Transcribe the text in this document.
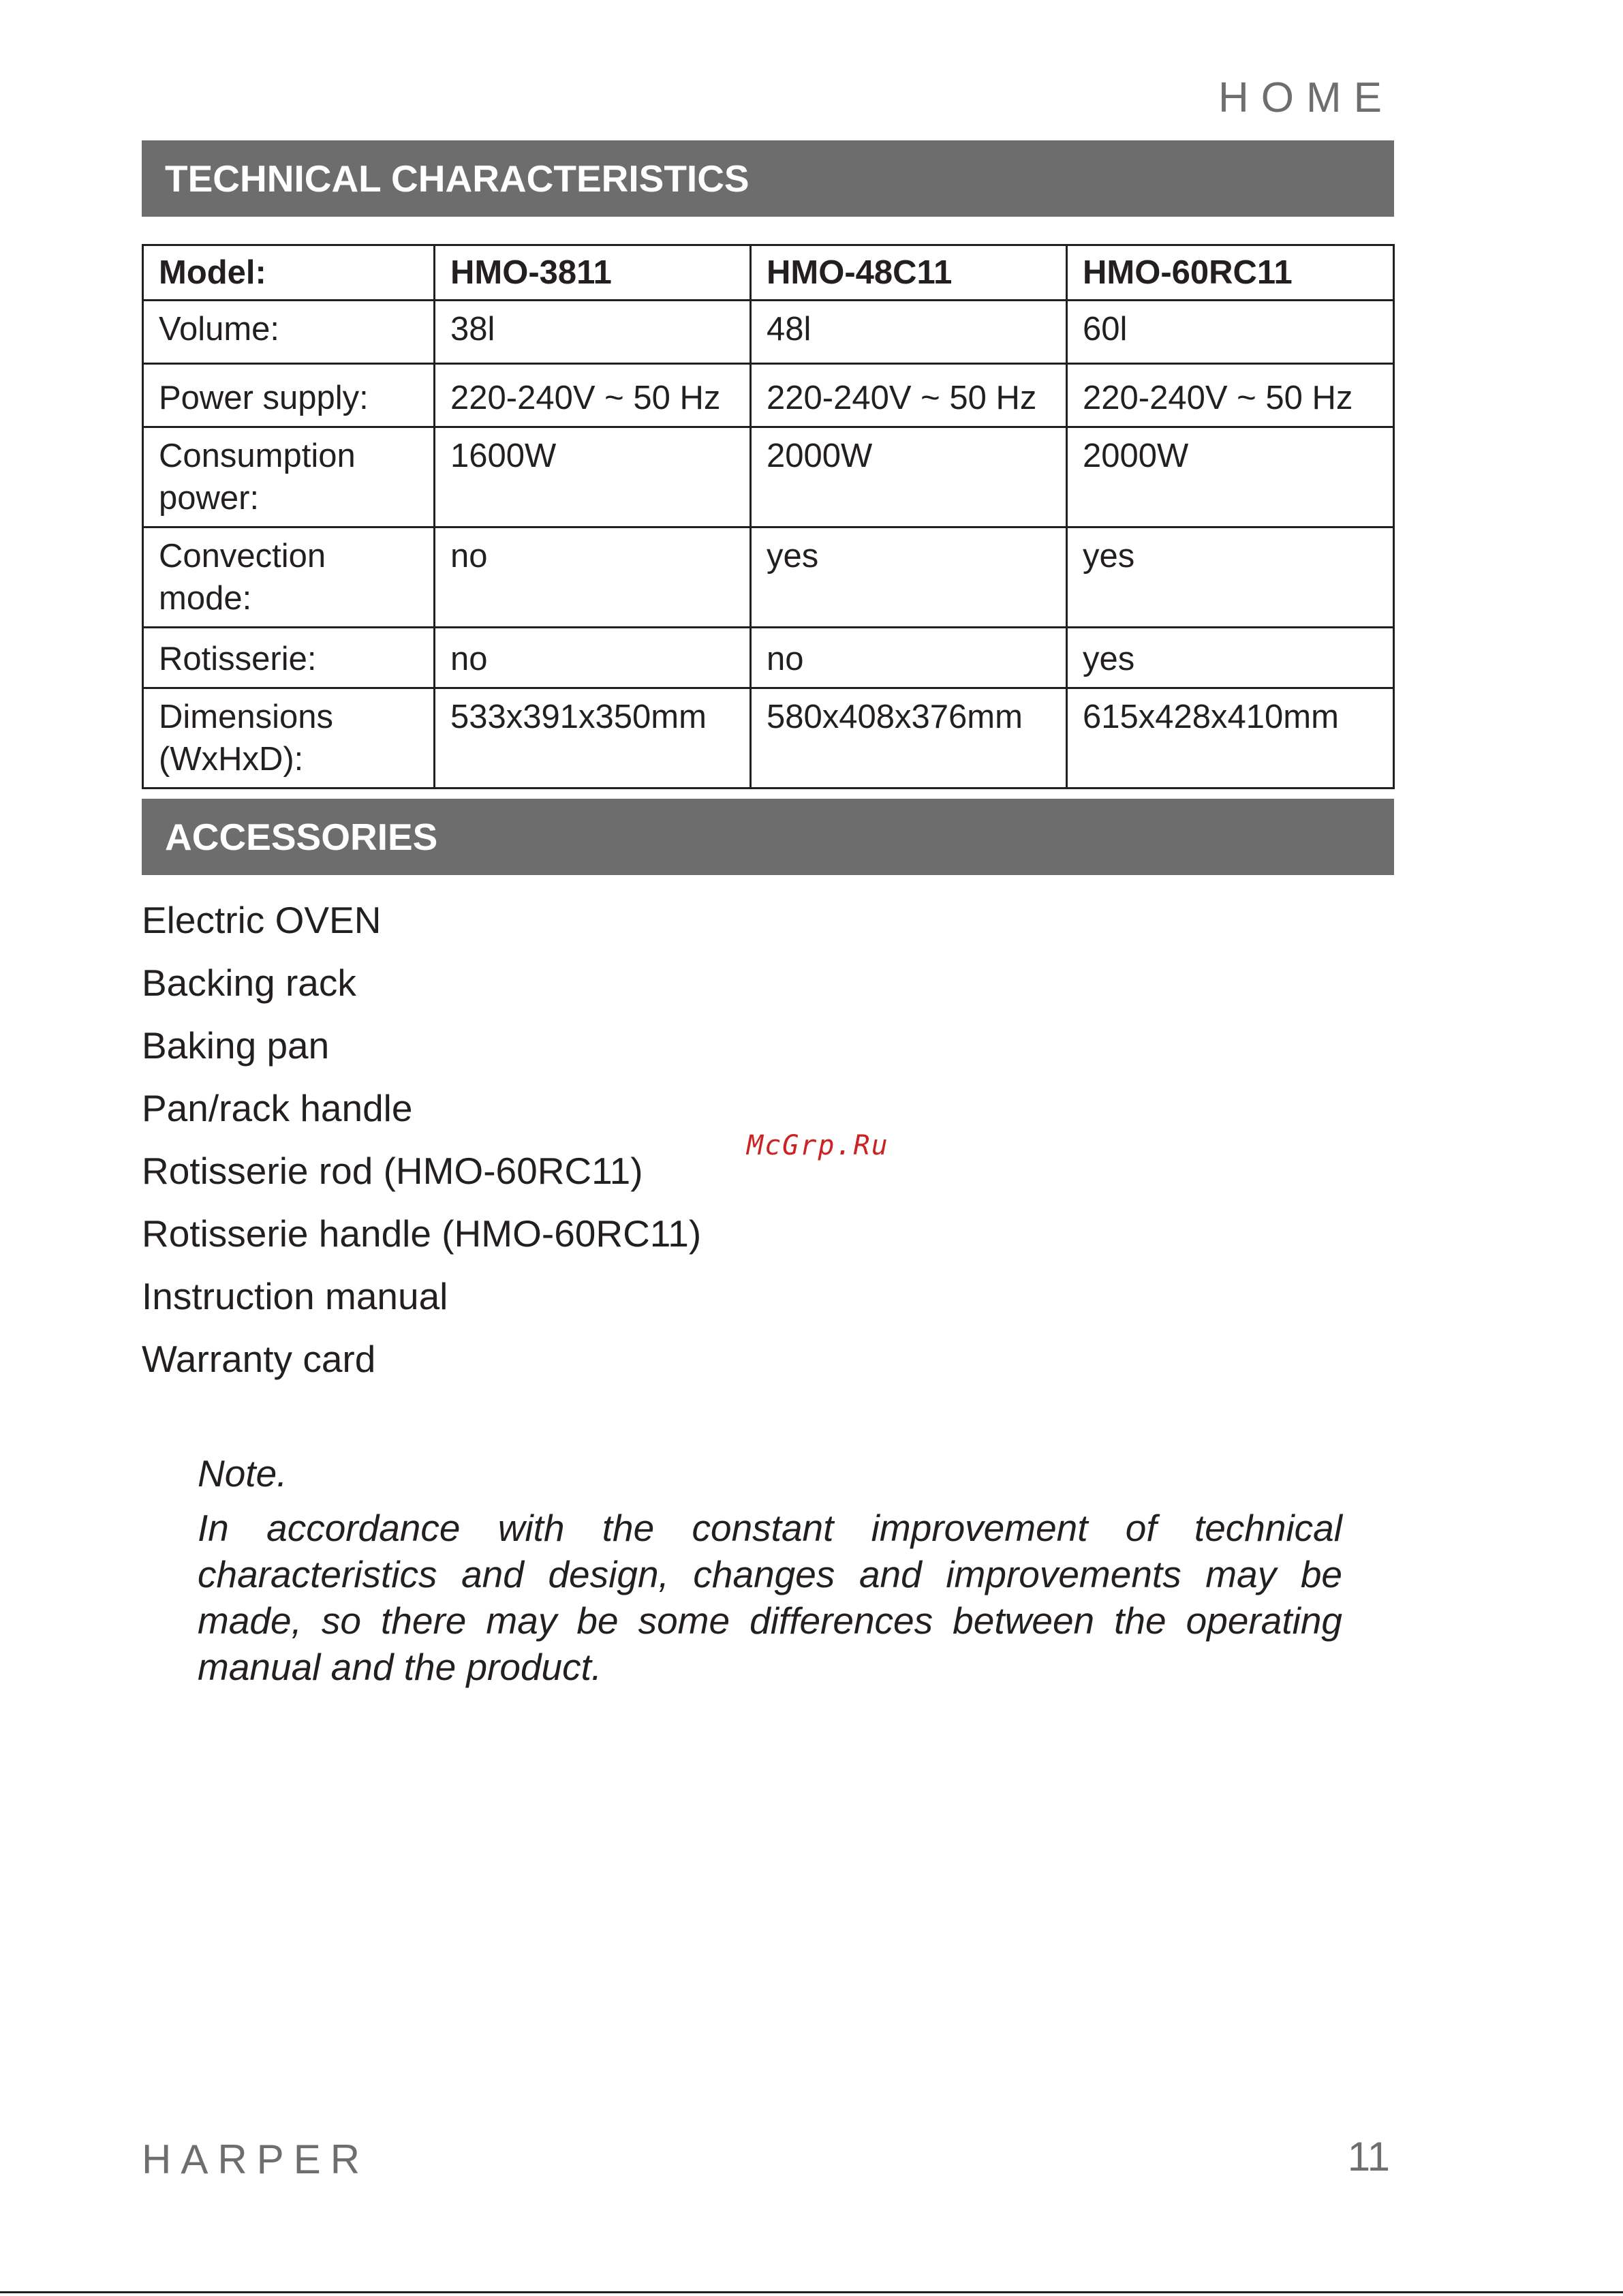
HOME
TECHNICAL CHARACTERISTICS
Model:	HMO-3811	HMO-48C11	HMO-60RC11
Volume:	38l	48l	60l
Power supply:	220-240V ~ 50 Hz	220-240V ~ 50 Hz	220-240V ~ 50 Hz
Consumption power:	1600W	2000W	2000W
Convection mode:	no	yes	yes
Rotisserie:	no	no	yes
Dimensions (WxHxD):	533x391x350mm	580x408x376mm	615x428x410mm
ACCESSORIES
Electric OVEN
Backing rack
Baking pan
Pan/rack handle
Rotisserie rod (HMO-60RC11)
Rotisserie handle (HMO-60RC11)
Instruction manual
Warranty card
McGrp.Ru
Note.
In accordance with the constant improvement of technical characteristics and design, changes and improvements may be made, so there may be some differences between the operating manual and the product.
HARPER	11
